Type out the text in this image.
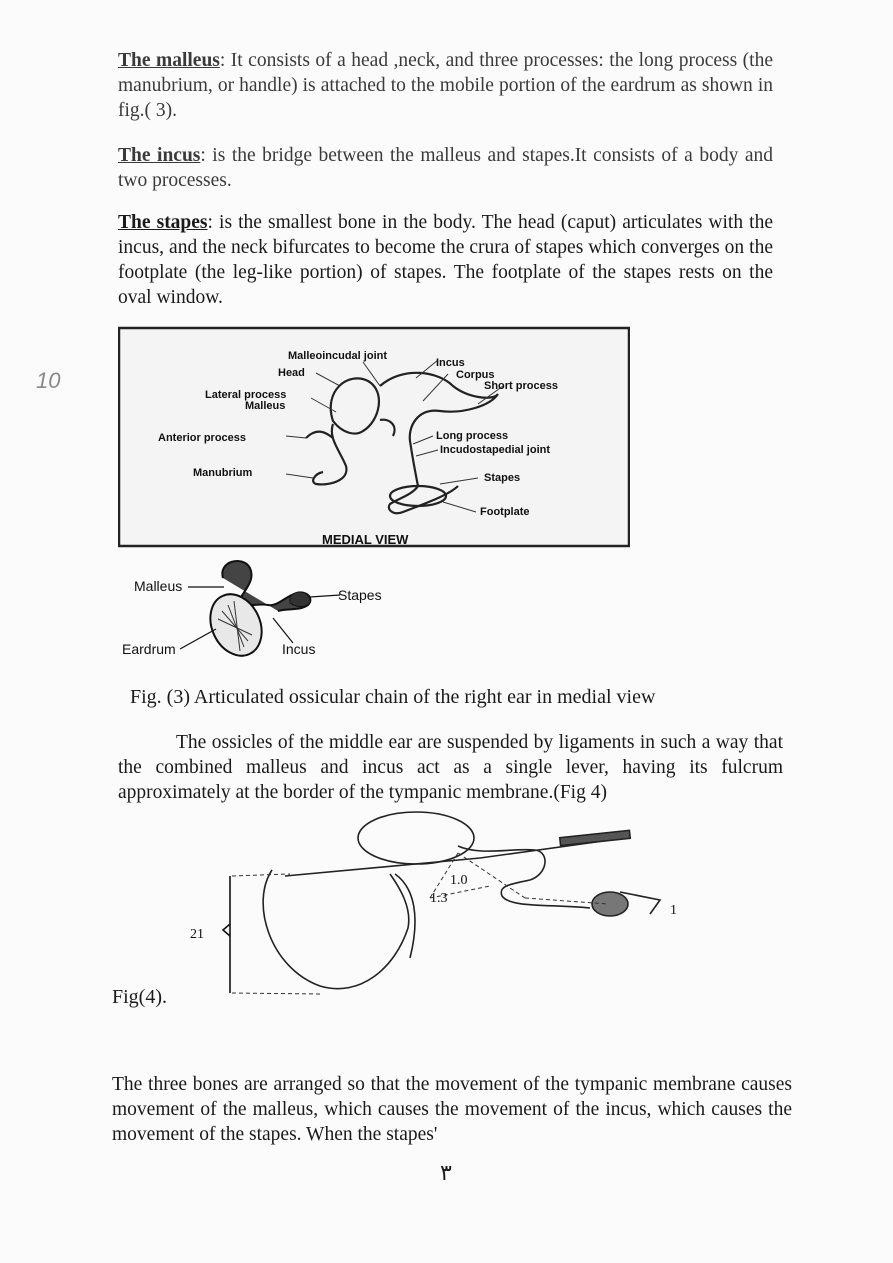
The malleus: It consists of a head ,neck, and three processes: the long process (the manubrium, or handle) is attached to the mobile portion of the eardrum as shown in fig.( 3).
The incus: is the bridge between the malleus and stapes.It consists of a body and two processes.
The stapes: is the smallest bone in the body. The head (caput) articulates with the incus, and the neck bifurcates to become the crura of stapes which converges on the footplate (the leg-like portion) of stapes. The footplate of the stapes rests on the oval window.
10
Malleoincudal joint
Head
Incus
Corpus
Short process
Lateral process
Malleus
Anterior process	Long process
Incudostapedial joint
Manubrium	Stapes
Footplate
MEDIAL VIEW
Malleus
Stapes
Eardrum	Incus
Fig. (3) Articulated ossicular chain of the right ear in medial view
The ossicles of the middle ear are suspended by ligaments in such a way that the combined malleus and incus act as a single lever, having its fulcrum approximately at the border of the tympanic membrane.(Fig 4)
1.0
1.3
21
1
Fig(4).
The three bones are arranged so that the movement of the tympanic membrane causes movement of the malleus, which causes the movement of the incus, which causes the movement of the stapes. When the stapes'
٣
